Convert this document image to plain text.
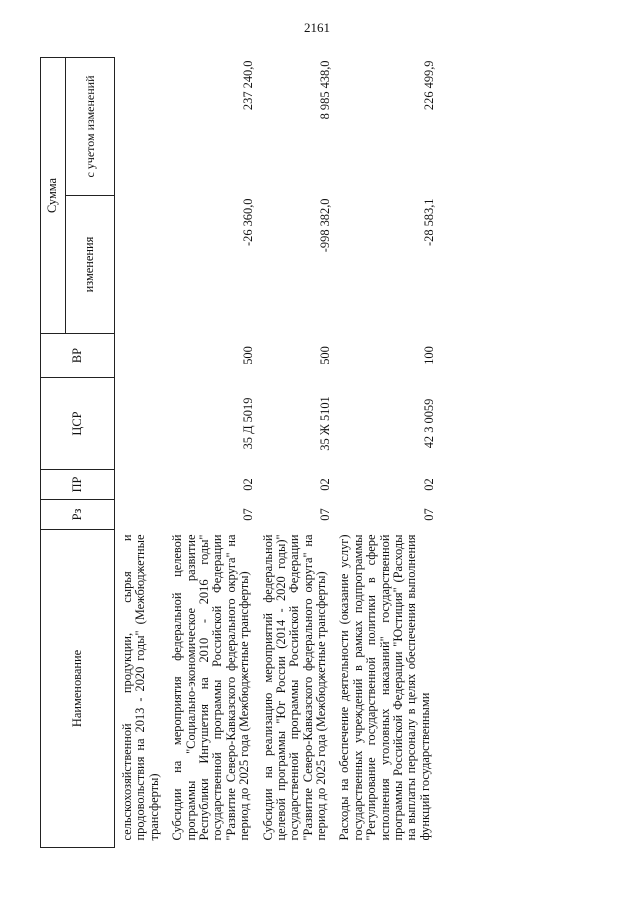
2161
Наименование	Рз	ПР	ЦСР	ВР	Сумма	
					изменения	с учетом изменений

сельскохозяйственной продукции, сырья и продовольствия на 2013 - 2020 годы" (Межбюджетные трансферты)						

Субсидии на мероприятия федеральной целевой программы "Социально-экономическое развитие Республики Ингушетия на 2010 - 2016 годы" государственной программы Российской Федерации "Развитие Северо-Кавказского федерального округа" на период до 2025 года (Межбюджетные трансферты)	07	02	35 Д 5019	500	-26 360,0	237 240,0

Субсидии на реализацию мероприятий федеральной целевой программы "Юг России (2014 - 2020 годы)" государственной программы Российской Федерации "Развитие Северо-Кавказского федерального округа" на период до 2025 года (Межбюджетные трансферты)	07	02	35 Ж 5101	500	-998 382,0	8 985 438,0

Расходы на обеспечение деятельности (оказание услуг) государственных учреждений в рамках подпрограммы "Регулирование государственной политики в сфере исполнения уголовных наказаний" государственной программы Российской Федерации "Юстиция" (Расходы на выплаты персоналу в целях обеспечения выполнения функций государственными	07	02	42 3 0059	100	-28 583,1	226 499,9
